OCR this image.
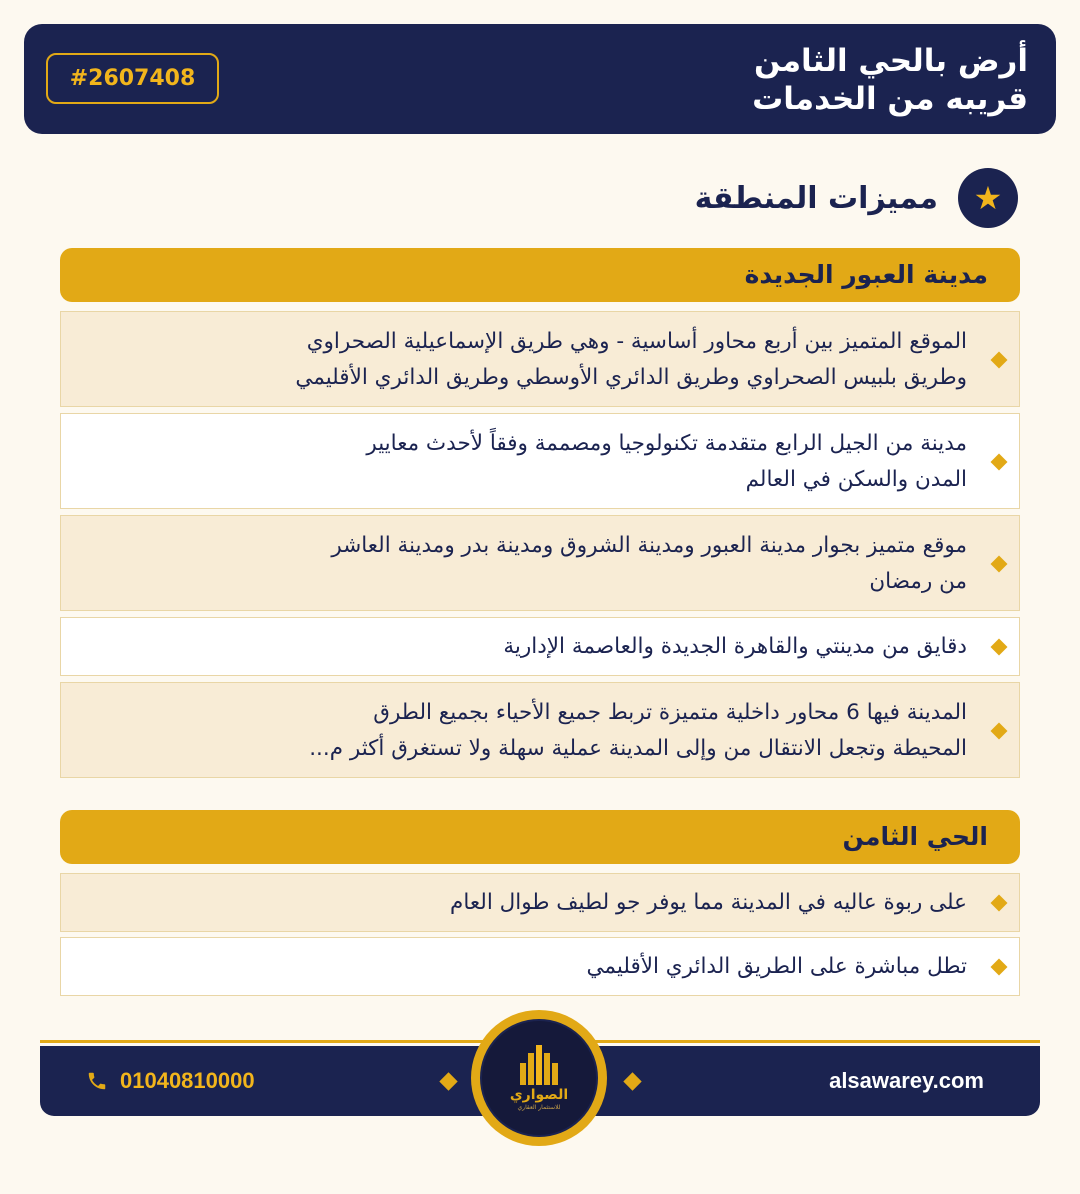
أرض بالحي الثامن
قريبه من الخدمات
#2607408
★
مميزات المنطقة
مدينة العبور الجديدة
الموقع المتميز بين أربع محاور أساسية - وهي طريق الإسماعيلية الصحراوي
وطريق بلبيس الصحراوي وطريق الدائري الأوسطي وطريق الدائري الأقليمي
مدينة من الجيل الرابع متقدمة تكنولوجيا ومصممة وفقاً لأحدث معايير
المدن والسكن في العالم
موقع متميز بجوار مدينة العبور ومدينة الشروق ومدينة بدر ومدينة العاشر
من رمضان
دقايق من مدينتي والقاهرة الجديدة والعاصمة الإدارية
المدينة فيها 6 محاور داخلية متميزة تربط جميع الأحياء بجميع الطرق
المحيطة وتجعل الانتقال من وإلى المدينة عملية سهلة ولا تستغرق أكثر م...
الحي الثامن
على ربوة عاليه في المدينة مما يوفر جو لطيف طوال العام
تطل مباشرة على الطريق الدائري الأقليمي
alsawarey.com
01040810000
الصواري
للاستثمار العقاري
